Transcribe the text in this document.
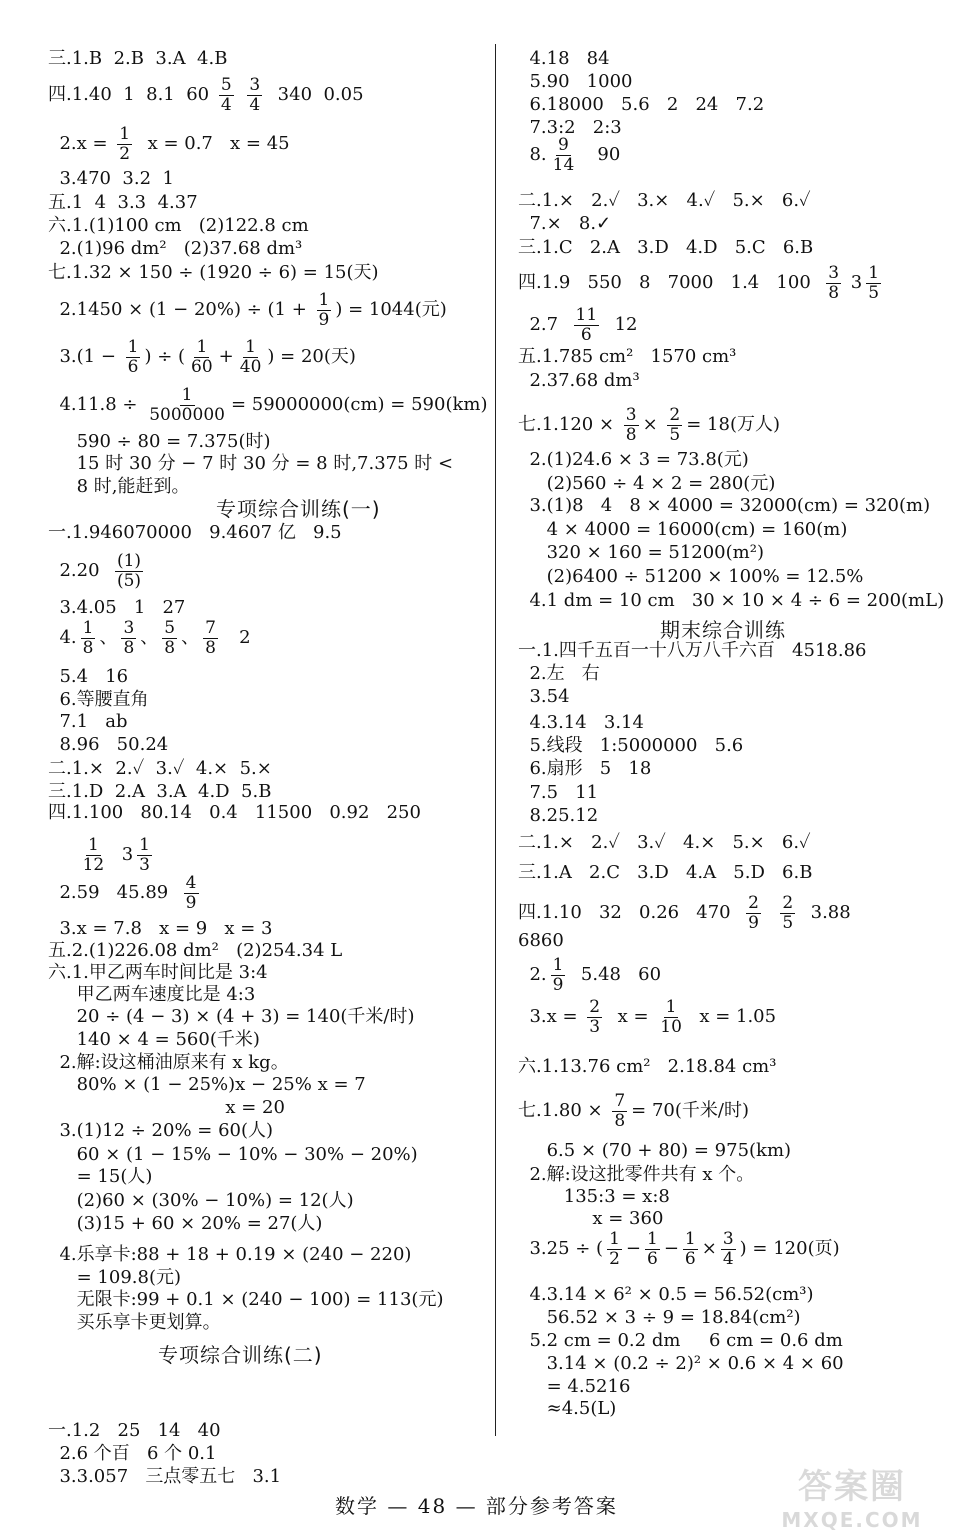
三.1.B  2.B  3.A  4.B
四.1.40  1  8.1  $60 \frac{5}{4}$
$\frac{3}{4} 340$  0.05
$2.x = \frac{1}{2}$ x = 0.7   x = 45
3.470  3.2  1
五.1  4  3.3  4.37
六.1.(1)100 cm   (2)122.8 cm
2.(1)96 dm²   (2)37.68 dm³
七.1.32 × 150 ÷ (1920 ÷ 6) = 15(天)
$2.1450 \times (1 - 20\%) \div (1 + \frac{1}{9}$ ) = 1044(元)
$3.(1 - \frac{1}{6}$ ) ÷ ( $\frac{1}{60} + \frac{1}{40}$ ) = 20(天)
$4.11.8 \div \frac{1}{5000000} = 59000000(cm) = 590(km)$
590 ÷ 80 = 7.375(时)
15 时 30 分 − 7 时 30 分 = 8 时,7.375 时 <
8 时,能赶到。
一.1.946070000   9.4607 亿   9.5
$2.20 \frac{(1)}{(5)}$
3.4.05   1   27
4. $\frac{1}{8}$ 、 $\frac{3}{8}$ 、 $\frac{5}{8}$ 、 $\frac{7}{8} 2$
5.4   16
6.等腰直角
7.1   ab
8.96   50.24
二.1.×  2.✓  3.✓  4.×  5.×
三.1.D  2.A  3.A  4.D  5.B
四.1.100   80.14   0.4   11500   0.92   250

$\frac{1}{12} 3 \frac{1}{3}$
2.59   $45.89 \frac{4}{9}$
3.x = 7.8   x = 9   x = 3
五.2.(1)226.08 dm²   (2)254.34 L
六.1.甲乙两车时间比是 3:4
甲乙两车速度比是 4:3
20 ÷ (4 − 3) × (4 + 3) = 140(千米/时)
140 × 4 = 560(千米)
2.解:设这桶油原来有 x kg。
80% × (1 − 25%)x − 25% x = 7
x = 20
3.(1)12 ÷ 20% = 60(人)
60 × (1 − 15% − 10% − 30% − 20%)
= 15(人)
(2)60 × (30% − 10%) = 12(人)
(3)15 + 60 × 20% = 27(人)
4.乐享卡:88 + 18 + 0.19 × (240 − 220)
= 109.8(元)
无限卡:99 + 0.1 × (240 − 100) = 113(元)
买乐享卡更划算。
一.1.2   25   14   40
2.6 个百   6 个 0.1
3.3.057   三点零五七   3.1
4.18   84
5.90   1000
6.18000   5.6   2   24   7.2
7.3:2   2:3
8. $\frac{9}{14} 90$
二.1.×   2.✓   3.×   4.✓   5.×   6.✓
7.×   8.✓
三.1.C   2.A   3.D   4.D   5.C   6.B
四.1.9   550   8   7000   1.4   $100 \frac{3}{8} 3 \frac{1}{5}$
$2.7 \frac{11}{6} 12$
五.1.785 cm²   1570 cm³
2.37.68 dm³
七$.1.120 \times \frac{3}{8} \times \frac{2}{5} = 18$(万人)
2.(1)24.6 × 3 = 73.8(元)
(2)560 ÷ 4 × 2 = 280(元)
3.(1)8   4   8 × 4000 = 32000(cm) = 320(m)
4 × 4000 = 16000(cm) = 160(m)
320 × 160 = 51200(m²)
(2)6400 ÷ 51200 × 100% = 12.5%
4.1 dm = 10 cm   30 × 10 × 4 ÷ 6 = 200(mL)
一.1.四千五百一十八万八千六百   4518.86
2.左   右
3.54
4.3.14   3.14
5.线段   1:5000000   5.6
6.扇形   5   18
7.5   11
8.25.12
二.1.×   2.✓   3.✓   4.×   5.×   6.✓
三.1.A   2.C   3.D   4.A   5.D   6.B
四.1.10   32   0.26   $470 \frac{2}{9}$
$\frac{2}{5} 3.88$
6860
2. $\frac{1}{9} 5.48$   60
$3.x = \frac{2}{3}$ $x = \frac{1}{10}$ x = 1.05
六.1.13.76 cm²   2.18.84 cm³
七$.1.80 \times \frac{7}{8} = 70$(千米/时)
6.5 × (70 + 80) = 975(km)
2.解:设这批零件共有 x 个。
135:3 = x:8
x = 360
3.25 ÷ ( $\frac{1}{2} - \frac{1}{6} - \frac{1}{6} \times \frac{3}{4}$ ) = 120(页)
4.3.14 × 6² × 0.5 = 56.52(cm³)
56.52 × 3 ÷ 9 = 18.84(cm²)
5.2 cm = 0.2 dm     6 cm = 0.6 dm
3.14 × (0.2 ÷ 2)² × 0.6 × 4 × 60
= 4.5216
≈4.5(L)
专项综合训练(一)
专项综合训练(二)
期末综合训练
数学 — 48 — 部分参考答案	答案圈
MXQE.COM
